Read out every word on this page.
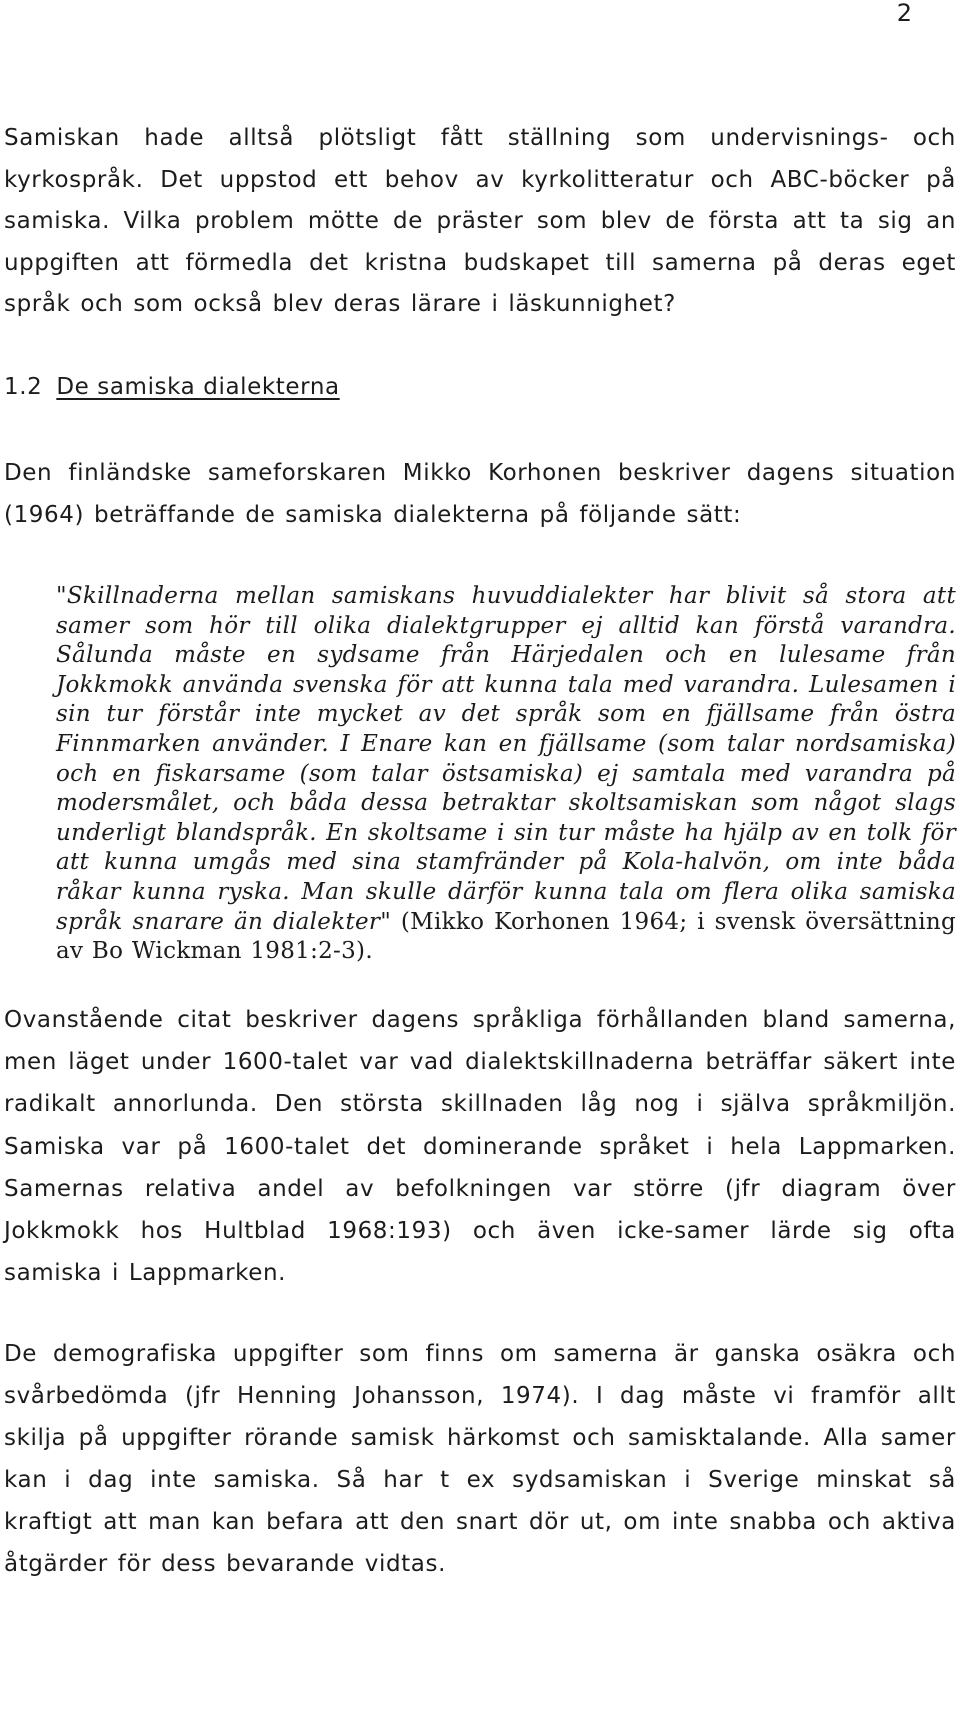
2

Samiskan hade alltså plötsligt fått ställning som undervisnings- och kyrkospråk. Det uppstod ett behov av kyrkolitteratur och ABC-böcker på samiska. Vilka problem mötte de präster som blev de första att ta sig an uppgiften att förmedla det kristna budskapet till samerna på deras eget språk och som också blev deras lärare i läskunnighet?

1.2 De samiska dialekterna

Den finländske sameforskaren Mikko Korhonen beskriver dagens situation (1964) beträffande de samiska dialekterna på följande sätt:

"Skillnaderna mellan samiskans huvuddialekter har blivit så stora att samer som hör till olika dialektgrupper ej alltid kan förstå varandra. Sålunda måste en sydsame från Härjedalen och en lulesame från Jokkmokk använda svenska för att kunna tala med varandra. Lulesamen i sin tur förstår inte mycket av det språk som en fjällsame från östra Finnmarken använder. I Enare kan en fjällsame (som talar nordsamiska) och en fiskarsame (som talar östsamiska) ej samtala med varandra på modersmålet, och båda dessa betraktar skoltsamiskan som något slags underligt blandspråk. En skoltsame i sin tur måste ha hjälp av en tolk för att kunna umgås med sina stamfränder på Kola-halvön, om inte båda råkar kunna ryska. Man skulle därför kunna tala om flera olika samiska språk snarare än dialekter" (Mikko Korhonen 1964; i svensk översättning av Bo Wickman 1981:2-3).

Ovanstående citat beskriver dagens språkliga förhållanden bland samerna, men läget under 1600-talet var vad dialektskillnaderna beträffar säkert inte radikalt annorlunda. Den största skillnaden låg nog i själva språkmiljön. Samiska var på 1600-talet det dominerande språket i hela Lappmarken. Samernas relativa andel av befolkningen var större (jfr diagram över Jokkmokk hos Hultblad 1968:193) och även icke-samer lärde sig ofta samiska i Lappmarken.

De demografiska uppgifter som finns om samerna är ganska osäkra och svårbedömda (jfr Henning Johansson, 1974). I dag måste vi framför allt skilja på uppgifter rörande samisk härkomst och samisktalande. Alla samer kan i dag inte samiska. Så har t ex sydsamiskan i Sverige minskat så kraftigt att man kan befara att den snart dör ut, om inte snabba och aktiva åtgärder för dess bevarande vidtas.
